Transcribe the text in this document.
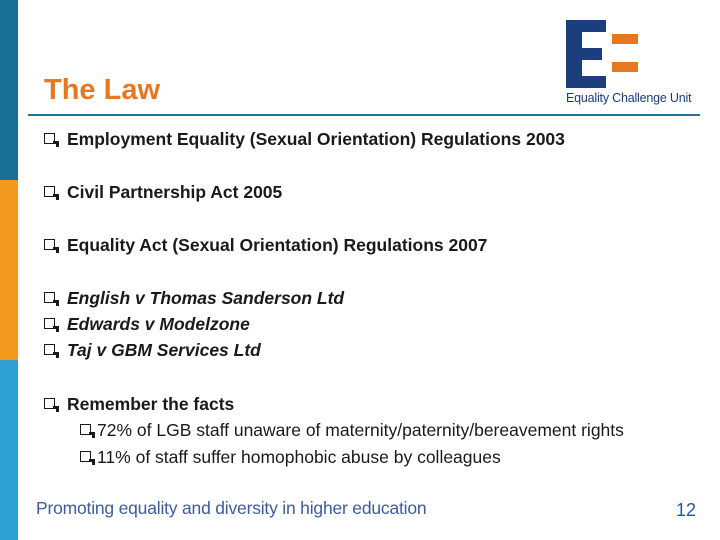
The Law	Equality Challenge Unit
Employment Equality (Sexual Orientation) Regulations 2003
Civil Partnership Act 2005
Equality Act (Sexual Orientation) Regulations 2007
English v Thomas Sanderson Ltd
Edwards v Modelzone
Taj v GBM Services Ltd
Remember the facts
72% of LGB staff unaware of maternity/paternity/bereavement rights
11% of staff suffer homophobic abuse by colleagues
Promoting equality and diversity in higher education	12
